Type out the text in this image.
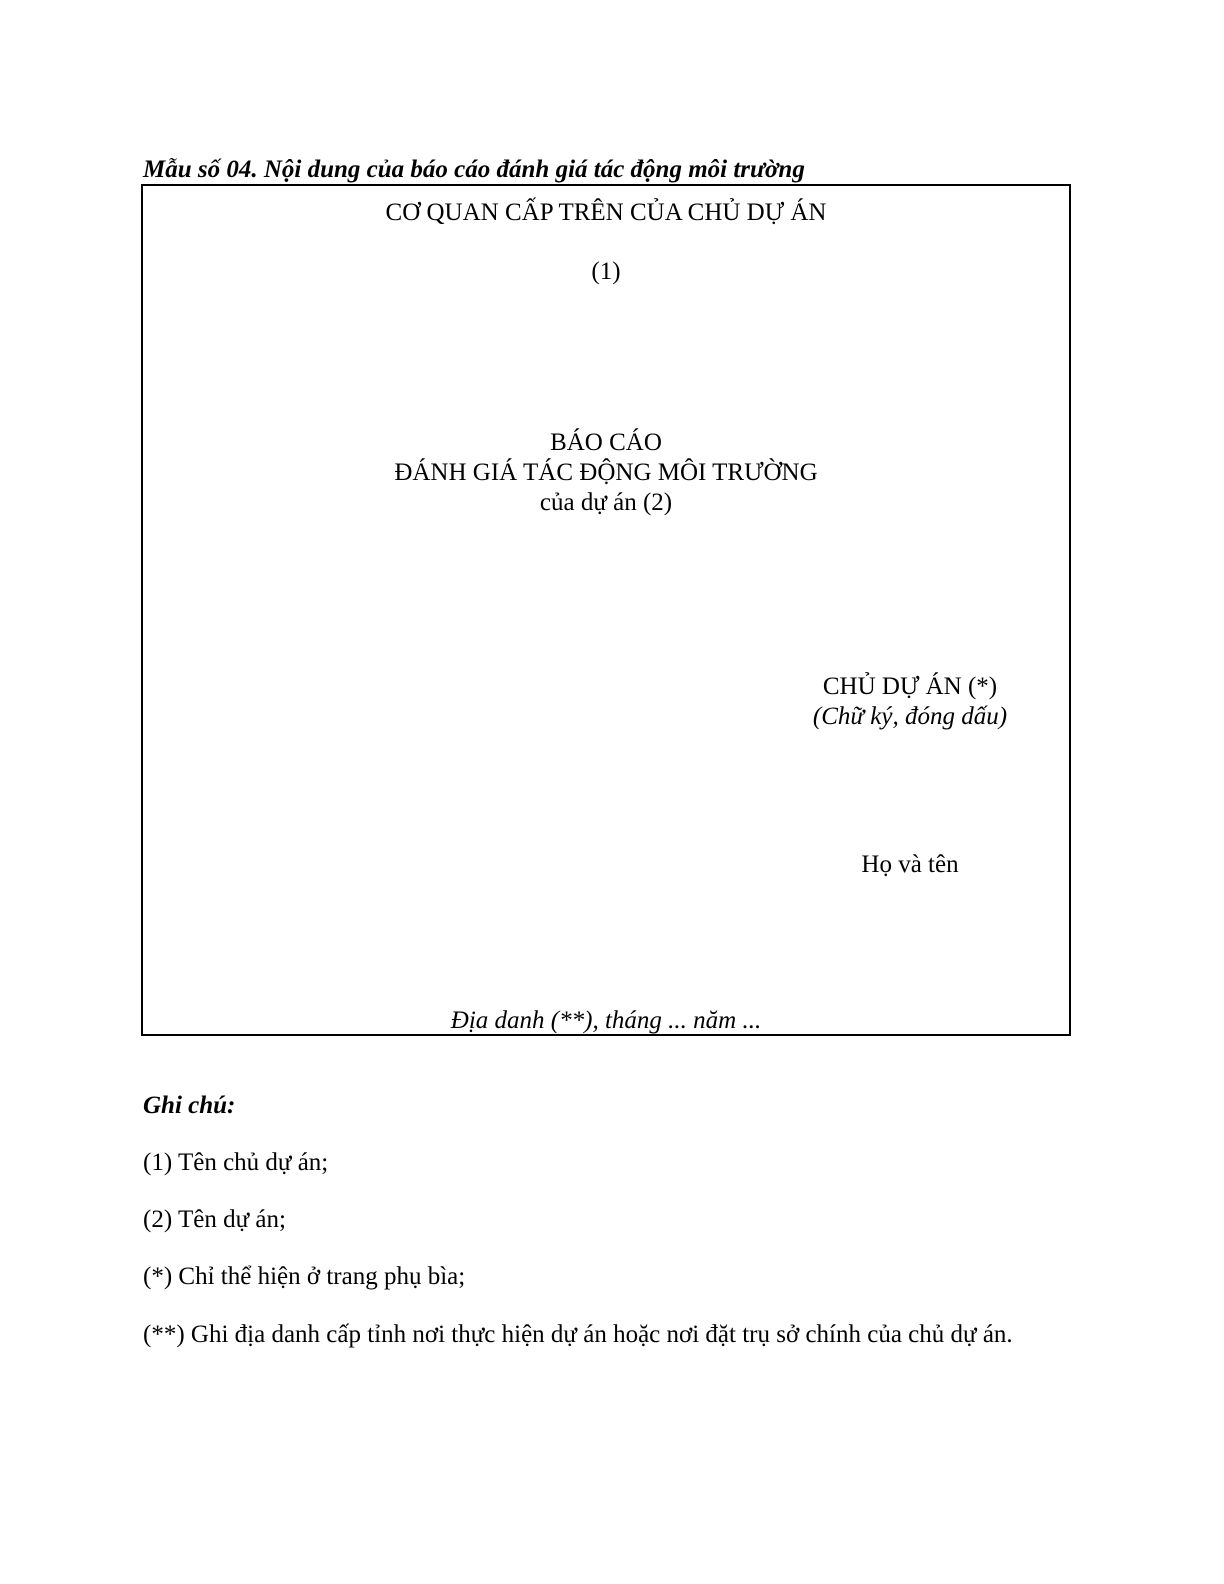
Mẫu số 04. Nội dung của báo cáo đánh giá tác động môi trường
CƠ QUAN CẤP TRÊN CỦA CHỦ DỰ ÁN
(1)
BÁO CÁO
ĐÁNH GIÁ TÁC ĐỘNG MÔI TRƯỜNG
của dự án (2)
CHỦ DỰ ÁN (*)
(Chữ ký, đóng dấu)
Họ và tên
Địa danh (**), tháng ... năm ...
Ghi chú:
(1) Tên chủ dự án;
(2) Tên dự án;
(*) Chỉ thể hiện ở trang phụ bìa;
(**) Ghi địa danh cấp tỉnh nơi thực hiện dự án hoặc nơi đặt trụ sở chính của chủ dự án.
